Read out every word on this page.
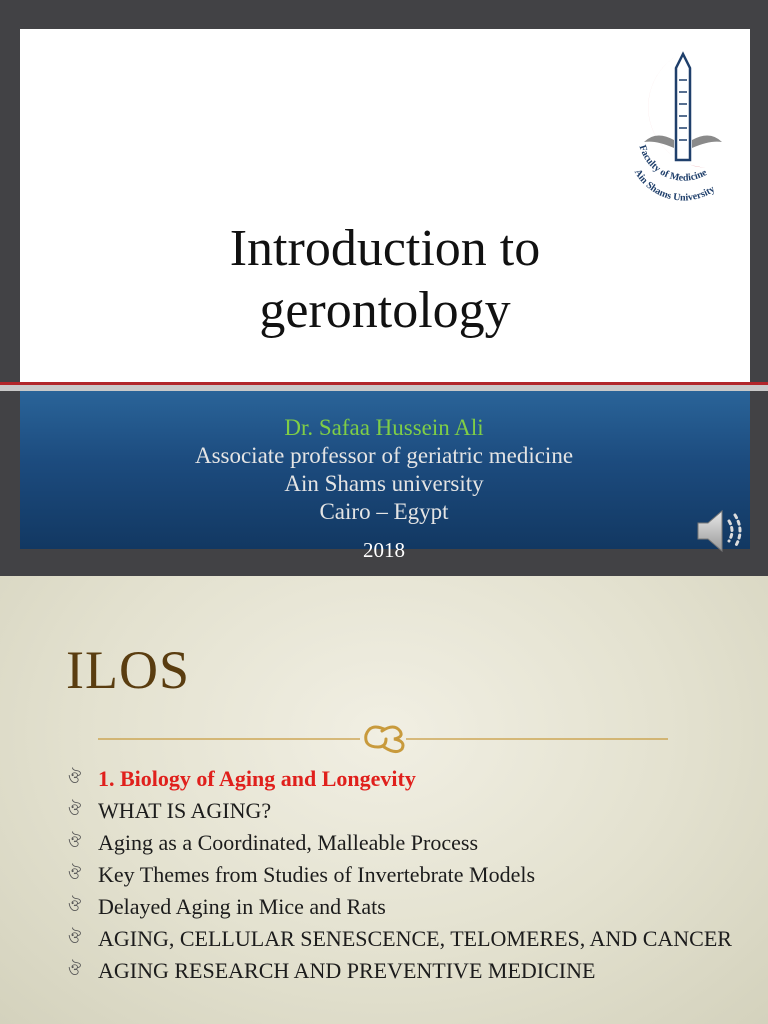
Faculty of Medicine
Ain Shams University
Introduction to
gerontology
Dr. Safaa Hussein Ali
Associate professor of geriatric medicine
Ain Shams university
Cairo – Egypt
2018
ILOS
ঔ 1. Biology of Aging and Longevity
ঔ WHAT IS AGING?
ঔ Aging as a Coordinated, Malleable Process
ঔ Key Themes from Studies of Invertebrate Models
ঔ Delayed Aging in Mice and Rats
ঔ AGING, CELLULAR SENESCENCE, TELOMERES, AND CANCER
ঔ AGING RESEARCH AND PREVENTIVE MEDICINE
